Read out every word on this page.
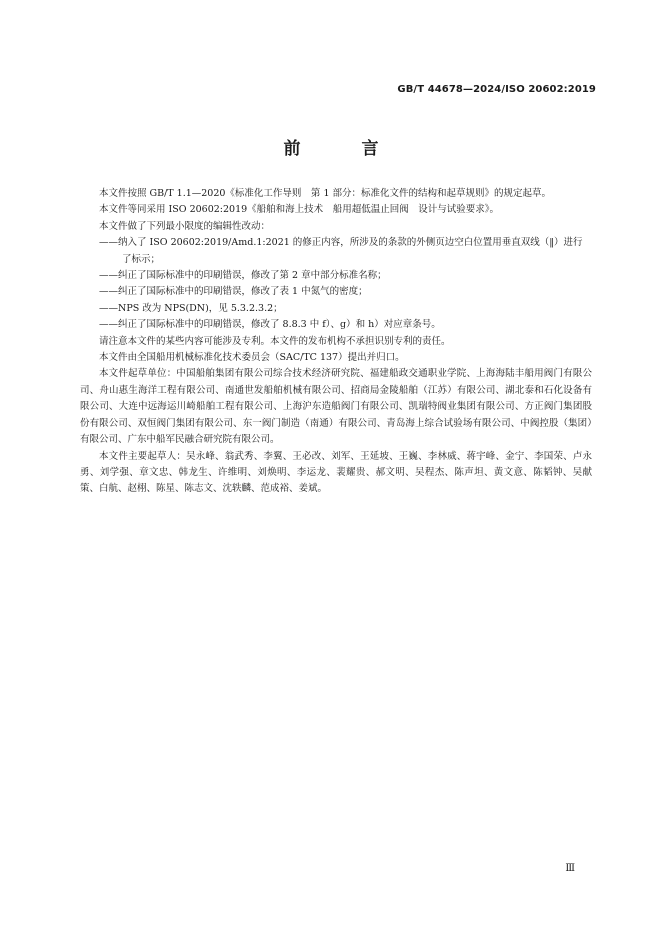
GB/T 44678—2024/ISO 20602:2019
前　言

本文件按照 GB/T 1.1—2020《标准化工作导则　第 1 部分：标准化文件的结构和起草规则》的规定起草。

本文件等同采用 ISO 20602:2019《船舶和海上技术　船用超低温止回阀　设计与试验要求》。

本文件做了下列最小限度的编辑性改动：

——纳入了 ISO 20602:2019/Amd.1:2021 的修正内容，所涉及的条款的外侧页边空白位置用垂直双线（‖）进行了标示；

——纠正了国际标准中的印刷错误，修改了第 2 章中部分标准名称；

——纠正了国际标准中的印刷错误，修改了表 1 中氮气的密度；

——NPS 改为 NPS(DN)，见 5.3.2.3.2；

——纠正了国际标准中的印刷错误，修改了 8.8.3 中 f）、g）和 h）对应章条号。

请注意本文件的某些内容可能涉及专利。本文件的发布机构不承担识别专利的责任。

本文件由全国船用机械标准化技术委员会（SAC/TC 137）提出并归口。

本文件起草单位：中国船舶集团有限公司综合技术经济研究院、福建船政交通职业学院、上海海陆丰船用阀门有限公司、舟山惠生海洋工程有限公司、南通世发船舶机械有限公司、招商局金陵船舶（江苏）有限公司、湖北泰和石化设备有限公司、大连中远海运川崎船舶工程有限公司、上海沪东造船阀门有限公司、凯瑞特阀业集团有限公司、方正阀门集团股份有限公司、双恒阀门集团有限公司、东一阀门制造（南通）有限公司、青岛海上综合试验场有限公司、中阀控股（集团）有限公司、广东中船军民融合研究院有限公司。

本文件主要起草人：吴永峰、翁武秀、李翼、王必改、刘军、王延坡、王巍、李林威、蒋宇峰、金宁、李国荣、卢永勇、刘学强、章文忠、韩龙生、许维明、刘焕明、李运龙、裴耀贵、郝文明、吴程杰、陈声坦、黄文意、陈韬钟、吴献策、白航、赵栩、陈星、陈志文、沈轶麟、范成裕、姜斌。

Ⅲ
